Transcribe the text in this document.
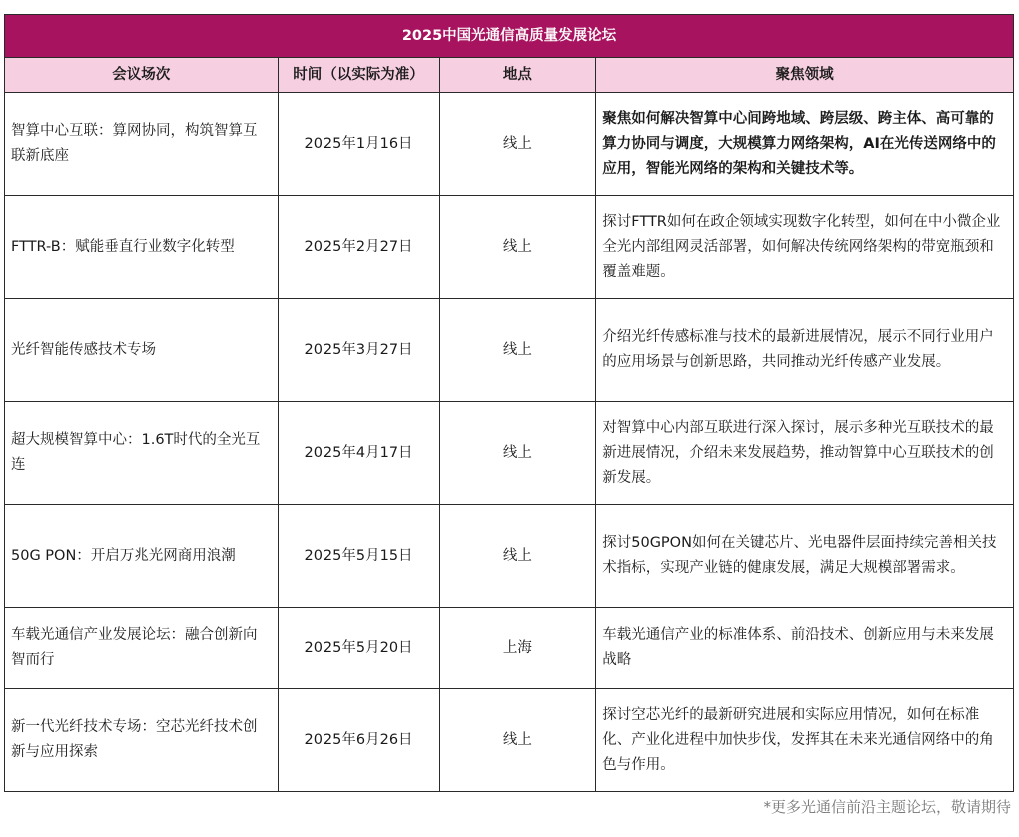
2025中国光通信高质量发展论坛			
会议场次	时间（以实际为准）	地点	聚焦领域
智算中心互联：算网协同，构筑智算互联新底座	2025年1月16日	线上	聚焦如何解决智算中心间跨地域、跨层级、跨主体、高可靠的算力协同与调度，大规模算力网络架构，AI在光传送网络中的应用，智能光网络的架构和关键技术等。
FTTR-B：赋能垂直行业数字化转型	2025年2月27日	线上	探讨FTTR如何在政企领域实现数字化转型，如何在中小微企业全光内部组网灵活部署，如何解决传统网络架构的带宽瓶颈和覆盖难题。
光纤智能传感技术专场	2025年3月27日	线上	介绍光纤传感标准与技术的最新进展情况，展示不同行业用户的应用场景与创新思路，共同推动光纤传感产业发展。
超大规模智算中心：1.6T时代的全光互连	2025年4月17日	线上	对智算中心内部互联进行深入探讨，展示多种光互联技术的最新进展情况，介绍未来发展趋势，推动智算中心互联技术的创新发展。
50G PON：开启万兆光网商用浪潮	2025年5月15日	线上	探讨50GPON如何在关键芯片、光电器件层面持续完善相关技术指标，实现产业链的健康发展，满足大规模部署需求。
车载光通信产业发展论坛：融合创新向智而行	2025年5月20日	上海	车载光通信产业的标准体系、前沿技术、创新应用与未来发展战略
新一代光纤技术专场：空芯光纤技术创新与应用探索	2025年6月26日	线上	探讨空芯光纤的最新研究进展和实际应用情况，如何在标准化、产业化进程中加快步伐，发挥其在未来光通信网络中的角色与作用。
*更多光通信前沿主题论坛，敬请期待
